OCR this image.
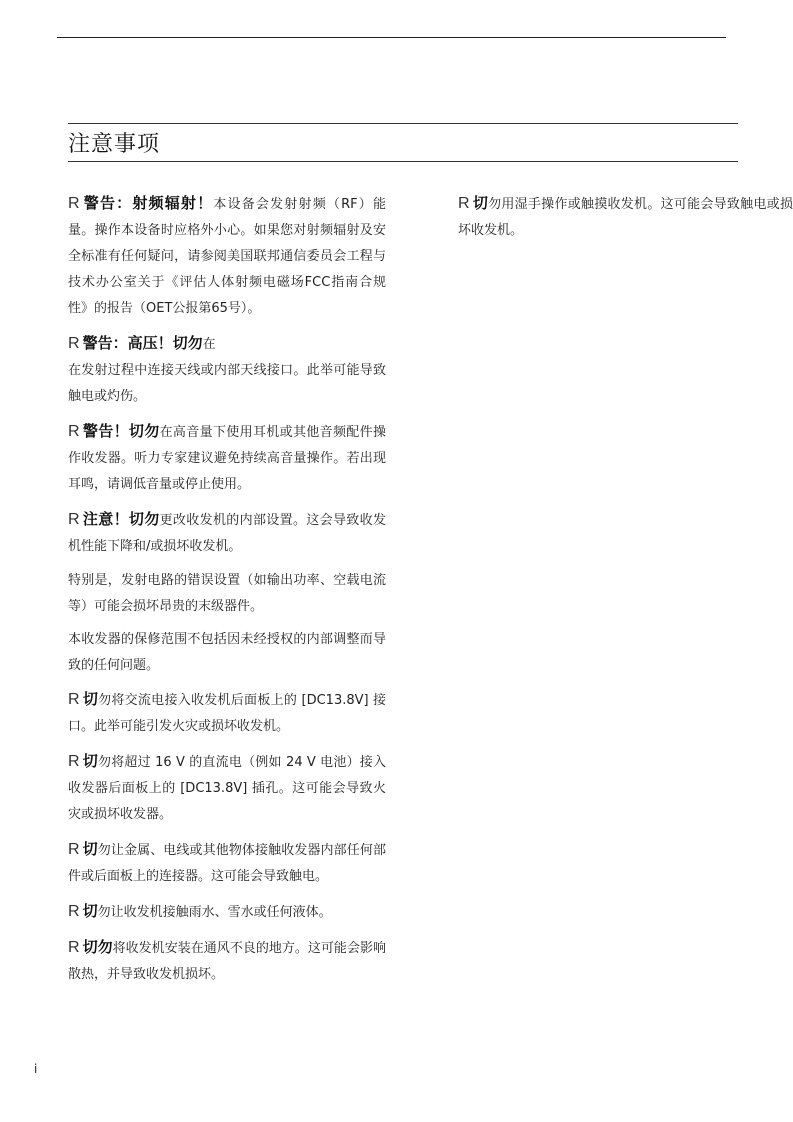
注意事项
R 警告：射频辐射！本设备会发射射频（RF）能量。操作本设备时应格外小心。如果您对射频辐射及安全标准有任何疑问，请参阅美国联邦通信委员会工程与技术办公室关于《评估人体射频电磁场FCC指南合规性》的报告（OET公报第65号）。
R 警告：高压！切勿在
在发射过程中连接天线或内部天线接口。此举可能导致触电或灼伤。
R 警告！切勿在高音量下使用耳机或其他音频配件操作收发器。听力专家建议避免持续高音量操作。若出现耳鸣，请调低音量或停止使用。
R 注意！切勿更改收发机的内部设置。这会导致收发机性能下降和/或损坏收发机。
特别是，发射电路的错误设置（如输出功率、空载电流等）可能会损坏昂贵的末级器件。
本收发器的保修范围不包括因未经授权的内部调整而导致的任何问题。
R 切勿将交流电接入收发机后面板上的 [DC13.8V] 接口。此举可能引发火灾或损坏收发机。
R 切勿将超过 16 V 的直流电（例如 24 V 电池）接入收发器后面板上的 [DC13.8V] 插孔。这可能会导致火灾或损坏收发器。
R 切勿让金属、电线或其他物体接触收发器内部任何部件或后面板上的连接器。这可能会导致触电。
R 切勿让收发机接触雨水、雪水或任何液体。
R 切勿将收发机安装在通风不良的地方。这可能会影响散热，并导致收发机损坏。
R 切勿用湿手操作或触摸收发机。这可能会导致触电或损坏收发机。
i
